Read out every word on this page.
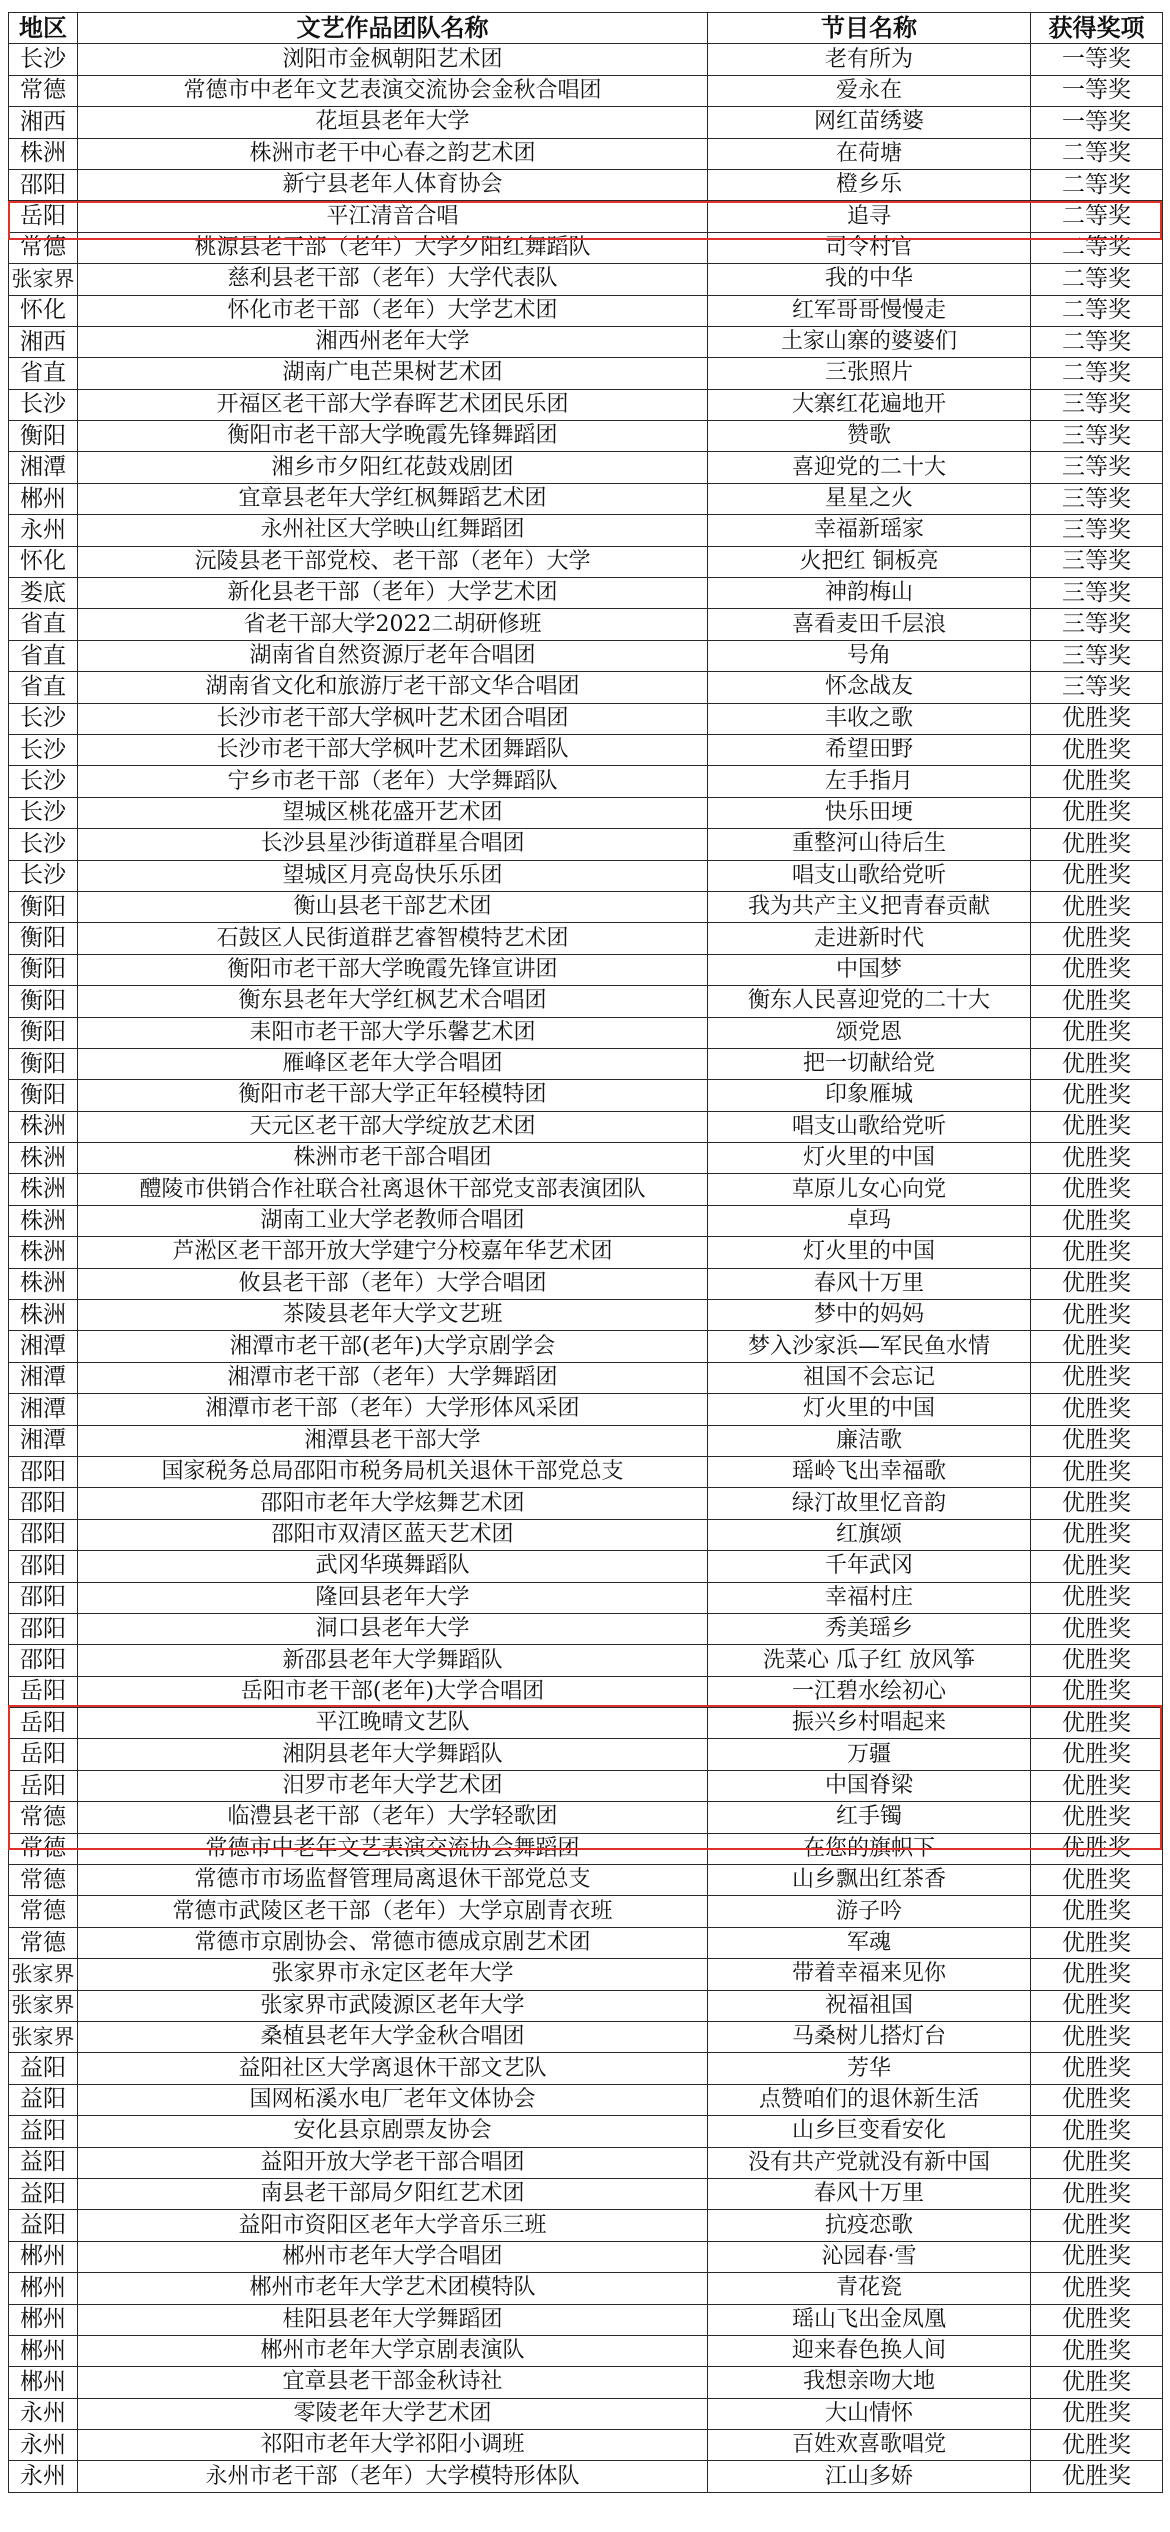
地区	文艺作品团队名称	节目名称	获得奖项
长沙	浏阳市金枫朝阳艺术团	老有所为	一等奖
常德	常德市中老年文艺表演交流协会金秋合唱团	爱永在	一等奖
湘西	花垣县老年大学	网红苗绣婆	一等奖
株洲	株洲市老干中心春之韵艺术团	在荷塘	二等奖
邵阳	新宁县老年人体育协会	橙乡乐	二等奖
岳阳	平江清音合唱	追寻	二等奖
常德	桃源县老干部（老年）大学夕阳红舞蹈队	司令村官	二等奖
张家界	慈利县老干部（老年）大学代表队	我的中华	二等奖
怀化	怀化市老干部（老年）大学艺术团	红军哥哥慢慢走	二等奖
湘西	湘西州老年大学	土家山寨的婆婆们	二等奖
省直	湖南广电芒果树艺术团	三张照片	二等奖
长沙	开福区老干部大学春晖艺术团民乐团	大寨红花遍地开	三等奖
衡阳	衡阳市老干部大学晚霞先锋舞蹈团	赞歌	三等奖
湘潭	湘乡市夕阳红花鼓戏剧团	喜迎党的二十大	三等奖
郴州	宜章县老年大学红枫舞蹈艺术团	星星之火	三等奖
永州	永州社区大学映山红舞蹈团	幸福新瑶家	三等奖
怀化	沅陵县老干部党校、老干部（老年）大学	火把红 铜板亮	三等奖
娄底	新化县老干部（老年）大学艺术团	神韵梅山	三等奖
省直	省老干部大学2022二胡研修班	喜看麦田千层浪	三等奖
省直	湖南省自然资源厅老年合唱团	号角	三等奖
省直	湖南省文化和旅游厅老干部文华合唱团	怀念战友	三等奖
长沙	长沙市老干部大学枫叶艺术团合唱团	丰收之歌	优胜奖
长沙	长沙市老干部大学枫叶艺术团舞蹈队	希望田野	优胜奖
长沙	宁乡市老干部（老年）大学舞蹈队	左手指月	优胜奖
长沙	望城区桃花盛开艺术团	快乐田埂	优胜奖
长沙	长沙县星沙街道群星合唱团	重整河山待后生	优胜奖
长沙	望城区月亮岛快乐乐团	唱支山歌给党听	优胜奖
衡阳	衡山县老干部艺术团	我为共产主义把青春贡献	优胜奖
衡阳	石鼓区人民街道群艺睿智模特艺术团	走进新时代	优胜奖
衡阳	衡阳市老干部大学晚霞先锋宣讲团	中国梦	优胜奖
衡阳	衡东县老年大学红枫艺术合唱团	衡东人民喜迎党的二十大	优胜奖
衡阳	耒阳市老干部大学乐馨艺术团	颂党恩	优胜奖
衡阳	雁峰区老年大学合唱团	把一切献给党	优胜奖
衡阳	衡阳市老干部大学正年轻模特团	印象雁城	优胜奖
株洲	天元区老干部大学绽放艺术团	唱支山歌给党听	优胜奖
株洲	株洲市老干部合唱团	灯火里的中国	优胜奖
株洲	醴陵市供销合作社联合社离退休干部党支部表演团队	草原儿女心向党	优胜奖
株洲	湖南工业大学老教师合唱团	卓玛	优胜奖
株洲	芦淞区老干部开放大学建宁分校嘉年华艺术团	灯火里的中国	优胜奖
株洲	攸县老干部（老年）大学合唱团	春风十万里	优胜奖
株洲	茶陵县老年大学文艺班	梦中的妈妈	优胜奖
湘潭	湘潭市老干部(老年)大学京剧学会	梦入沙家浜—军民鱼水情	优胜奖
湘潭	湘潭市老干部（老年）大学舞蹈团	祖国不会忘记	优胜奖
湘潭	湘潭市老干部（老年）大学形体风采团	灯火里的中国	优胜奖
湘潭	湘潭县老干部大学	廉洁歌	优胜奖
邵阳	国家税务总局邵阳市税务局机关退休干部党总支	瑶岭飞出幸福歌	优胜奖
邵阳	邵阳市老年大学炫舞艺术团	绿汀故里忆音韵	优胜奖
邵阳	邵阳市双清区蓝天艺术团	红旗颂	优胜奖
邵阳	武冈华瑛舞蹈队	千年武冈	优胜奖
邵阳	隆回县老年大学	幸福村庄	优胜奖
邵阳	洞口县老年大学	秀美瑶乡	优胜奖
邵阳	新邵县老年大学舞蹈队	洗菜心 瓜子红 放风筝	优胜奖
岳阳	岳阳市老干部(老年)大学合唱团	一江碧水绘初心	优胜奖
岳阳	平江晚晴文艺队	振兴乡村唱起来	优胜奖
岳阳	湘阴县老年大学舞蹈队	万疆	优胜奖
岳阳	汨罗市老年大学艺术团	中国脊梁	优胜奖
常德	临澧县老干部（老年）大学轻歌团	红手镯	优胜奖
常德	常德市中老年文艺表演交流协会舞蹈团	在您的旗帜下	优胜奖
常德	常德市市场监督管理局离退休干部党总支	山乡飘出红茶香	优胜奖
常德	常德市武陵区老干部（老年）大学京剧青衣班	游子吟	优胜奖
常德	常德市京剧协会、常德市德成京剧艺术团	军魂	优胜奖
张家界	张家界市永定区老年大学	带着幸福来见你	优胜奖
张家界	张家界市武陵源区老年大学	祝福祖国	优胜奖
张家界	桑植县老年大学金秋合唱团	马桑树儿搭灯台	优胜奖
益阳	益阳社区大学离退休干部文艺队	芳华	优胜奖
益阳	国网柘溪水电厂老年文体协会	点赞咱们的退休新生活	优胜奖
益阳	安化县京剧票友协会	山乡巨变看安化	优胜奖
益阳	益阳开放大学老干部合唱团	没有共产党就没有新中国	优胜奖
益阳	南县老干部局夕阳红艺术团	春风十万里	优胜奖
益阳	益阳市资阳区老年大学音乐三班	抗疫恋歌	优胜奖
郴州	郴州市老年大学合唱团	沁园春·雪	优胜奖
郴州	郴州市老年大学艺术团模特队	青花瓷	优胜奖
郴州	桂阳县老年大学舞蹈团	瑶山飞出金凤凰	优胜奖
郴州	郴州市老年大学京剧表演队	迎来春色换人间	优胜奖
郴州	宜章县老干部金秋诗社	我想亲吻大地	优胜奖
永州	零陵老年大学艺术团	大山情怀	优胜奖
永州	祁阳市老年大学祁阳小调班	百姓欢喜歌唱党	优胜奖
永州	永州市老干部（老年）大学模特形体队	江山多娇	优胜奖
